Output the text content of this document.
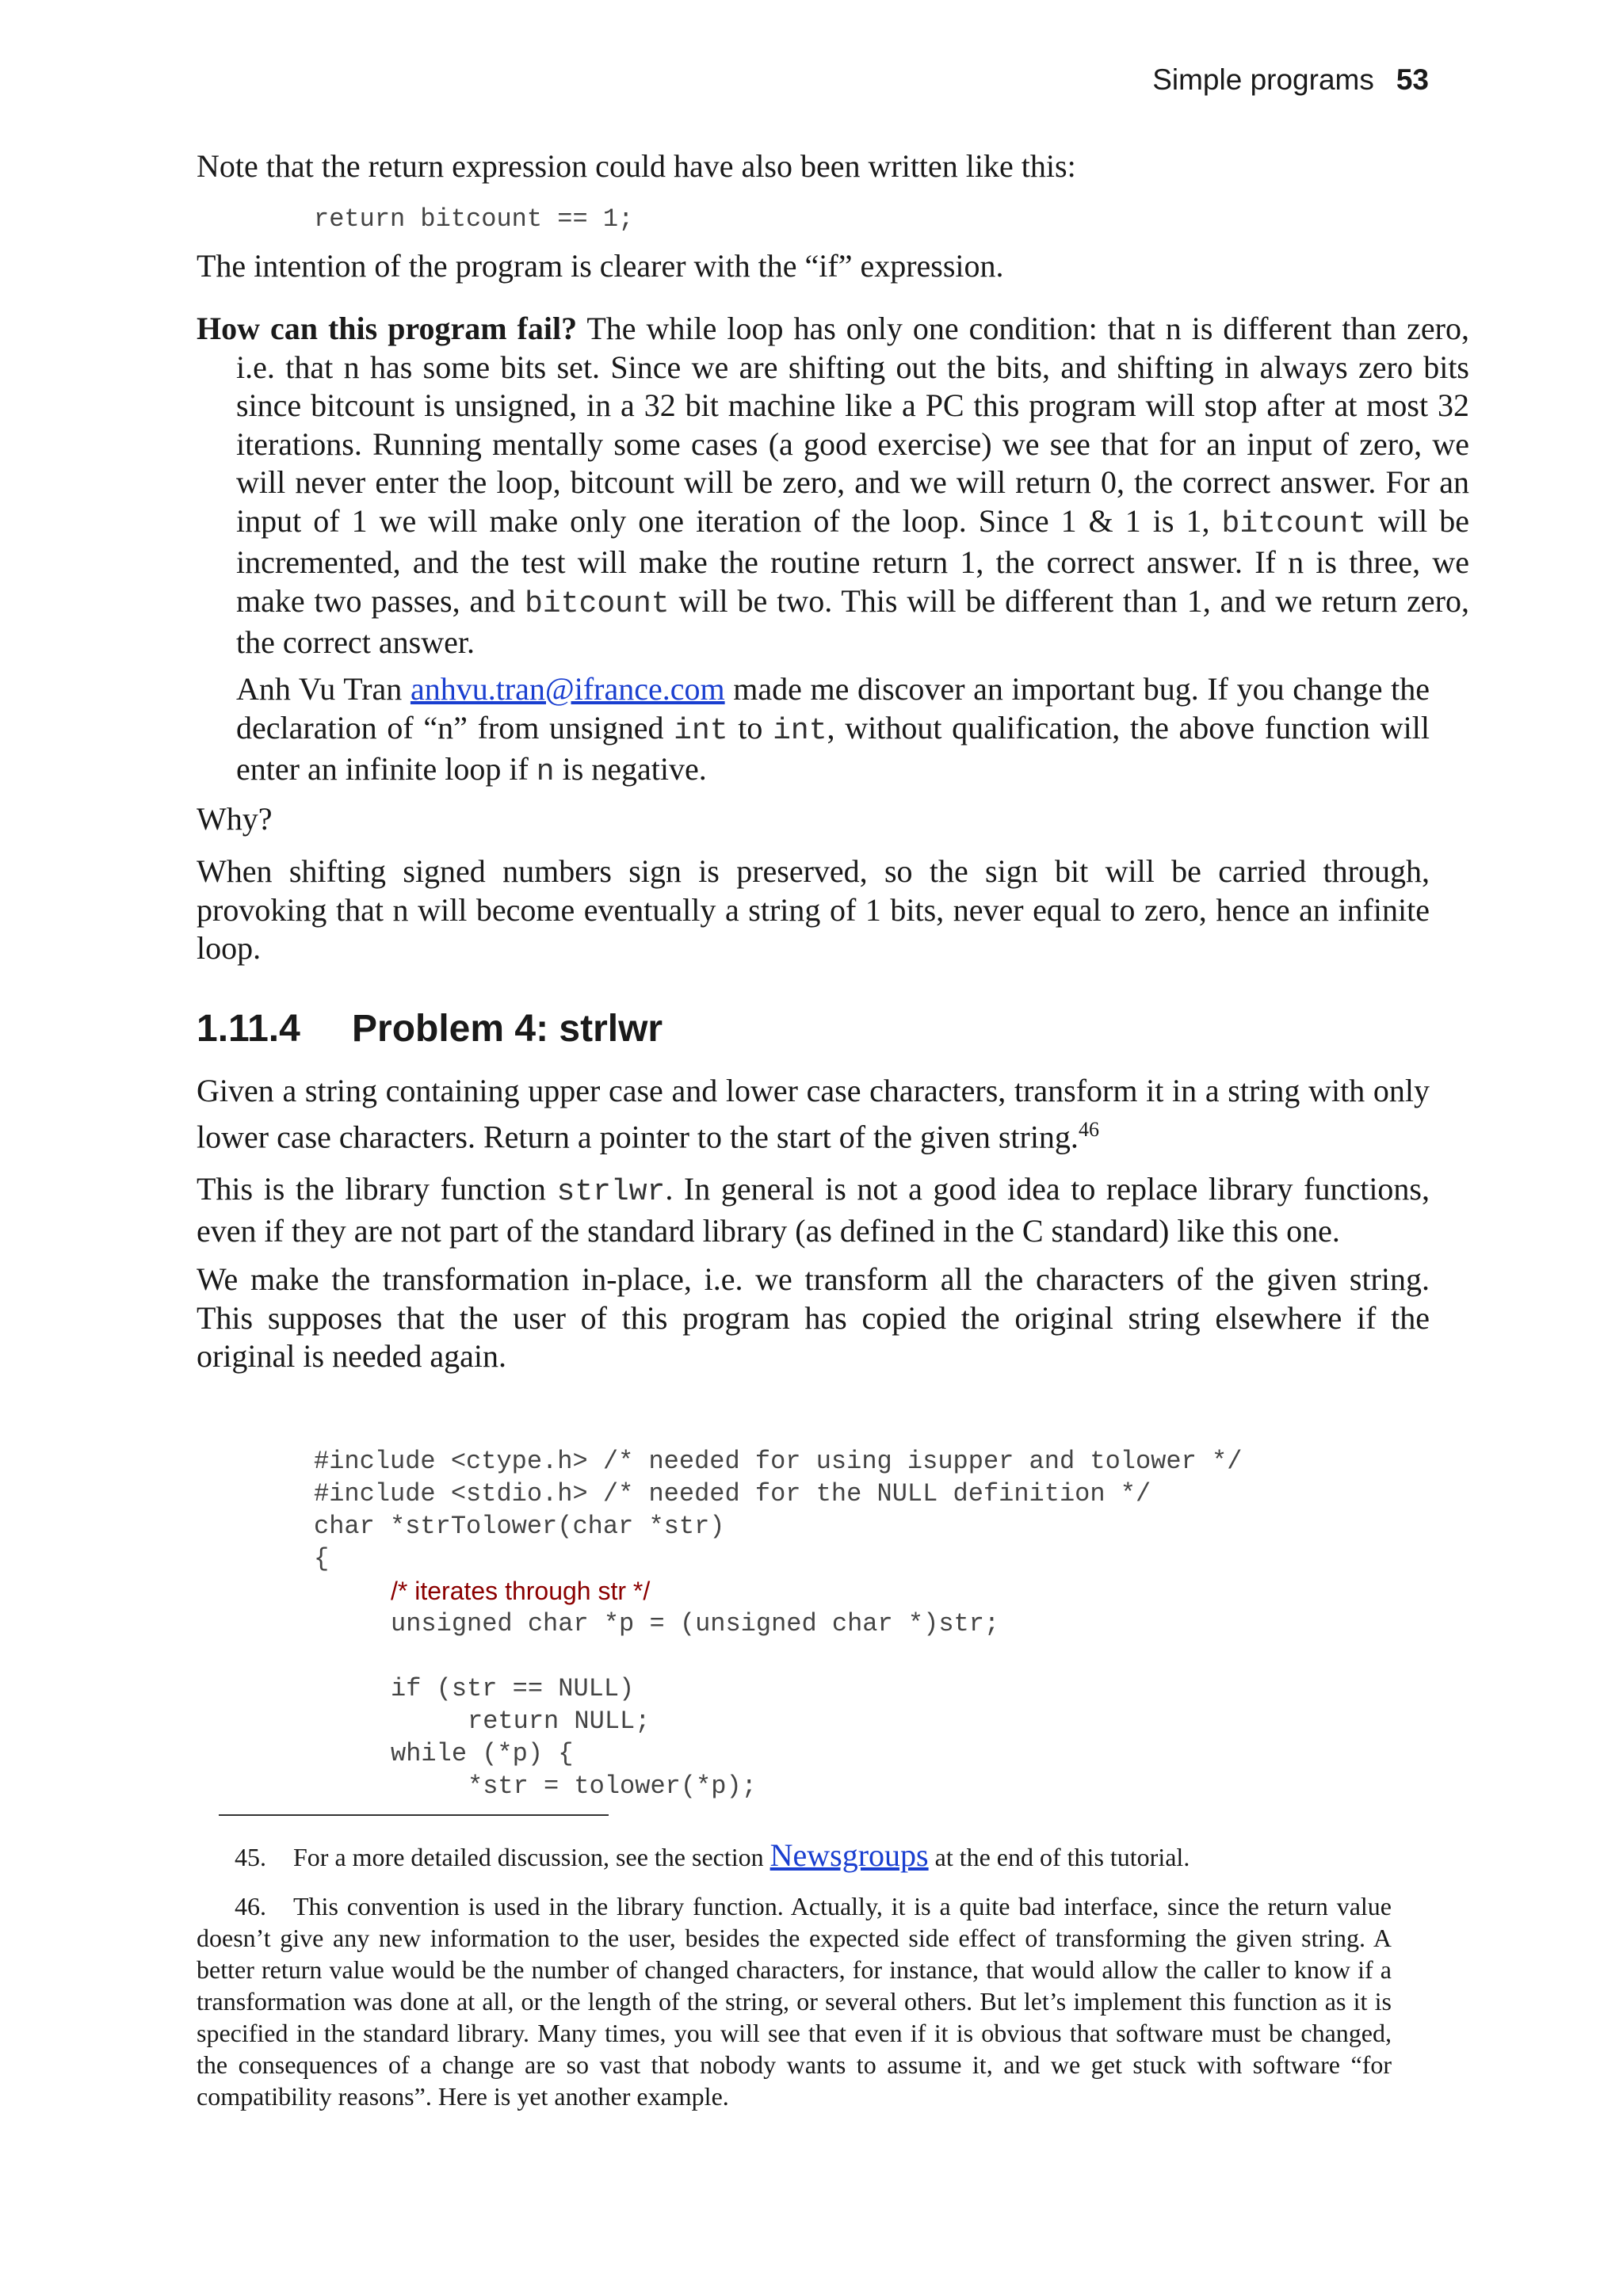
Simple programs 53
Note that the return expression could have also been written like this:
return bitcount == 1;
The intention of the program is clearer with the “if” expression.
How can this program fail? The while loop has only one condition: that n is different than zero, i.e. that n has some bits set. Since we are shifting out the bits, and shifting in always zero bits since bitcount is unsigned, in a 32 bit machine like a PC this program will stop after at most 32 iterations. Running mentally some cases (a good exercise) we see that for an input of zero, we will never enter the loop, bitcount will be zero, and we will return 0, the correct answer. For an input of 1 we will make only one iteration of the loop. Since 1 & 1 is 1, bitcount will be incremented, and the test will make the routine return 1, the correct answer. If n is three, we make two passes, and bitcount will be two. This will be different than 1, and we return zero, the correct answer.
Anh Vu Tran anhvu.tran@ifrance.com made me discover an important bug. If you change the declaration of “n” from unsigned int to int, without qualification, the above function will enter an infinite loop if n is negative.
Why?
When shifting signed numbers sign is preserved, so the sign bit will be carried through, provoking that n will become eventually a string of 1 bits, never equal to zero, hence an infinite loop.
1.11.4 Problem 4: strlwr
Given a string containing upper case and lower case characters, transform it in a string with only lower case characters. Return a pointer to the start of the given string.$^{46}$
This is the library function strlwr. In general is not a good idea to replace library functions, even if they are not part of the standard library (as defined in the C standard) like this one.
We make the transformation in-place, i.e. we transform all the characters of the given string. This supposes that the user of this program has copied the original string elsewhere if the original is needed again.
#include <ctype.h> /* needed for using isupper and tolower */
#include <stdio.h> /* needed for the NULL definition */
char *strTolower(char *str)
{
/* iterates through str */
unsigned char *p = (unsigned char *)str;
if (str == NULL)
return NULL;
while (*p) {
*str = tolower(*p);
45. For a more detailed discussion, see the section Newsgroups at the end of this tutorial.
46. This convention is used in the library function. Actually, it is a quite bad interface, since the return value doesn’t give any new information to the user, besides the expected side effect of transforming the given string. A better return value would be the number of changed characters, for instance, that would allow the caller to know if a transformation was done at all, or the length of the string, or several others. But let’s implement this function as it is specified in the standard library. Many times, you will see that even if it is obvious that software must be changed, the consequences of a change are so vast that nobody wants to assume it, and we get stuck with software “for compatibility reasons”. Here is yet another example.
